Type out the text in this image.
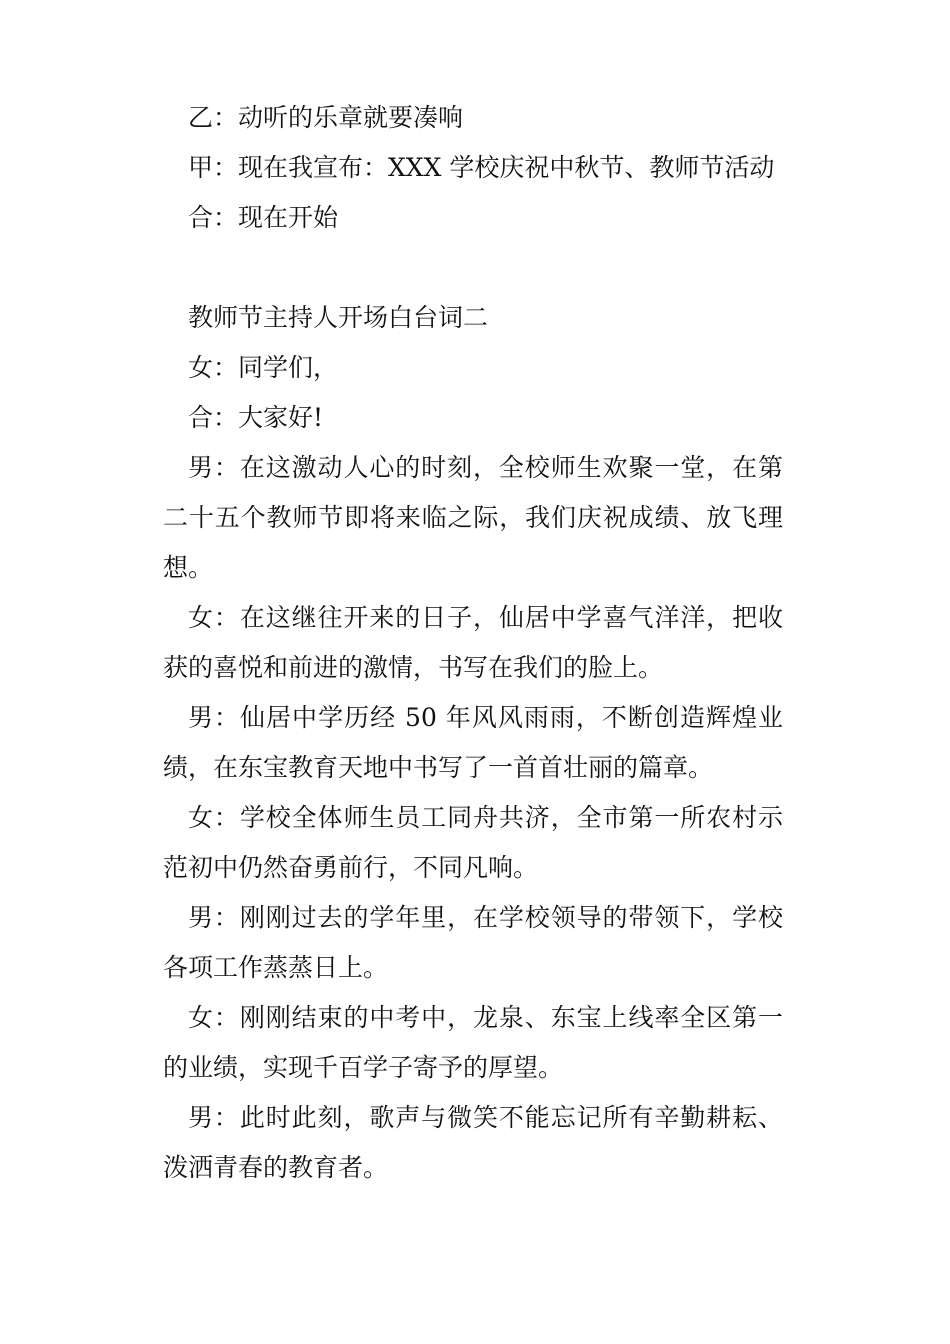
乙：动听的乐章就要凑响

甲：现在我宣布：XXX 学校庆祝中秋节、教师节活动

合：现在开始

教师节主持人开场白台词二

女：同学们，

合：大家好!

男：在这激动人心的时刻，全校师生欢聚一堂，在第二十五个教师节即将来临之际，我们庆祝成绩、放飞理想。

女：在这继往开来的日子，仙居中学喜气洋洋，把收获的喜悦和前进的激情，书写在我们的脸上。

男：仙居中学历经 50 年风风雨雨，不断创造辉煌业绩，在东宝教育天地中书写了一首首壮丽的篇章。

女：学校全体师生员工同舟共济，全市第一所农村示范初中仍然奋勇前行，不同凡响。

男：刚刚过去的学年里，在学校领导的带领下，学校各项工作蒸蒸日上。

女：刚刚结束的中考中，龙泉、东宝上线率全区第一的业绩，实现千百学子寄予的厚望。

男：此时此刻，歌声与微笑不能忘记所有辛勤耕耘、泼洒青春的教育者。
